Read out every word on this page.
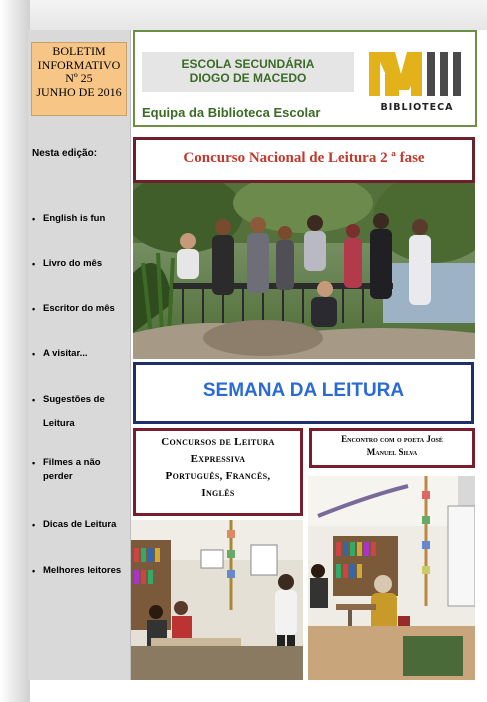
BOLETIM
INFORMATIVO
Nº 25
JUNHO DE 2016
Nesta edição:
• English is fun
• Livro do mês
• Escritor do mês
• A visitar...
• Sugestões de Leitura
• Filmes a não perder
• Dicas de Leitura
• Melhores leitores
ESCOLA SECUNDÁRIA
DIOGO DE MACEDO
Equipa da Biblioteca Escolar	BIBLIOTECA
Concurso Nacional de Leitura 2 ª fase
SEMANA DA LEITURA
Concursos de Leitura
Expressiva
Português, Francês,
Inglês
Encontro com o poeta José
Manuel Silva
